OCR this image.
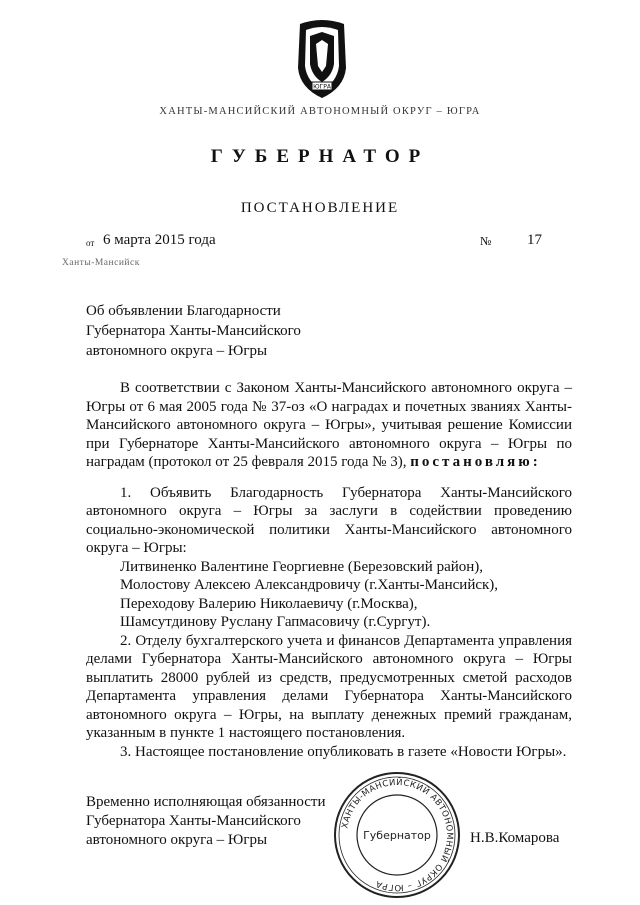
ЮГРА
ХАНТЫ-МАНСИЙСКИЙ АВТОНОМНЫЙ ОКРУГ – ЮГРА
ГУБЕРНАТОР
ПОСТАНОВЛЕНИЕ
от 6 марта 2015 года	№ 17
Ханты-Мансийск
Об объявлении Благодарности
Губернатора Ханты-Мансийского
автономного округа – Югры

В соответствии с Законом Ханты-Мансийского автономного округа – Югры от 6 мая 2005 года № 37-оз «О наградах и почетных званиях Ханты-Мансийского автономного округа – Югры», учитывая решение Комиссии при Губернаторе Ханты-Мансийского автономного округа – Югры по наградам (протокол от 25 февраля 2015 года № 3), постановляю:

1. Объявить Благодарность Губернатора Ханты-Мансийского автономного округа – Югры за заслуги в содействии проведению социально-экономической политики Ханты-Мансийского автономного округа – Югры:

Литвиненко Валентине Георгиевне (Березовский район),

Молостову Алексею Александровичу (г.Ханты-Мансийск),

Переходову Валерию Николаевичу (г.Москва),

Шамсутдинову Руслану Гапмасовичу (г.Сургут).

2. Отделу бухгалтерского учета и финансов Департамента управления делами Губернатора Ханты-Мансийского автономного округа – Югры выплатить 28000 рублей из средств, предусмотренных сметой расходов Департамента управления делами Губернатора Ханты-Мансийского автономного округа – Югры, на выплату денежных премий гражданам, указанным в пункте 1 настоящего постановления.

3. Настоящее постановление опубликовать в газете «Новости Югры».

Временно исполняющая обязанности
Губернатора Ханты-Мансийского
автономного округа – Югры
ХАНТЫ-МАНСИЙСКИЙ АВТОНОМНЫЙ ОКРУГ – ЮГРА
Губернатор	Н.В.Комарова
